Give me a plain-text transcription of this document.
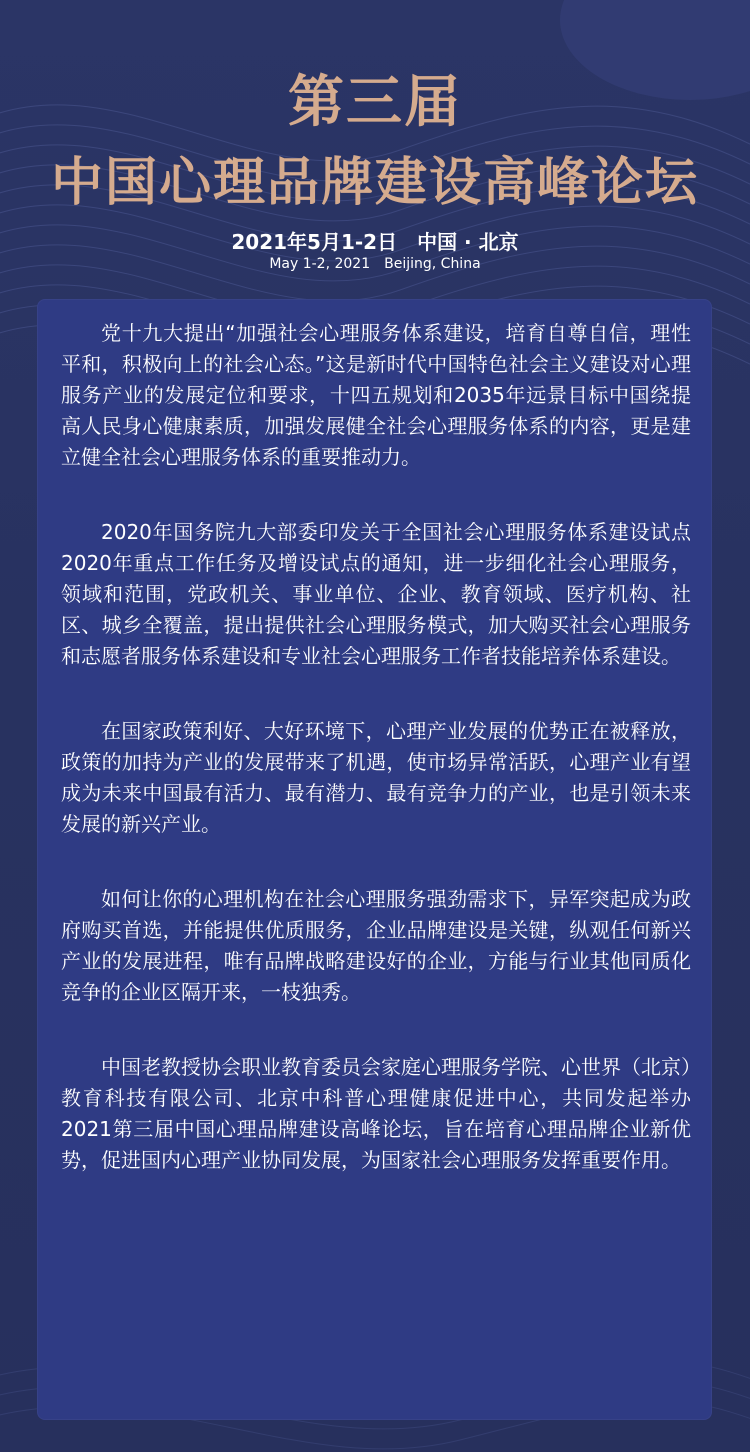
第三届
中国心理品牌建设高峰论坛
2021年5月1-2日　中国 · 北京
May 1-2, 2021　Beijing, China

党十九大提出“加强社会心理服务体系建设，培育自尊自信，理性平和，积极向上的社会心态。”这是新时代中国特色社会主义建设对心理服务产业的发展定位和要求，十四五规划和2035年远景目标中国绕提高人民身心健康素质，加强发展健全社会心理服务体系的内容，更是建立健全社会心理服务体系的重要推动力。

2020年国务院九大部委印发关于全国社会心理服务体系建设试点2020年重点工作任务及增设试点的通知，进一步细化社会心理服务，领域和范围，党政机关、事业单位、企业、教育领域、医疗机构、社区、城乡全覆盖，提出提供社会心理服务模式，加大购买社会心理服务和志愿者服务体系建设和专业社会心理服务工作者技能培养体系建设。

在国家政策利好、大好环境下，心理产业发展的优势正在被释放，政策的加持为产业的发展带来了机遇，使市场异常活跃，心理产业有望成为未来中国最有活力、最有潜力、最有竞争力的产业，也是引领未来发展的新兴产业。

如何让你的心理机构在社会心理服务强劲需求下，异军突起成为政府购买首选，并能提供优质服务，企业品牌建设是关键，纵观任何新兴产业的发展进程，唯有品牌战略建设好的企业，方能与行业其他同质化竞争的企业区隔开来，一枝独秀。

中国老教授协会职业教育委员会家庭心理服务学院、心世界（北京）教育科技有限公司、北京中科普心理健康促进中心，共同发起举办2021第三届中国心理品牌建设高峰论坛，旨在培育心理品牌企业新优势，促进国内心理产业协同发展，为国家社会心理服务发挥重要作用。
